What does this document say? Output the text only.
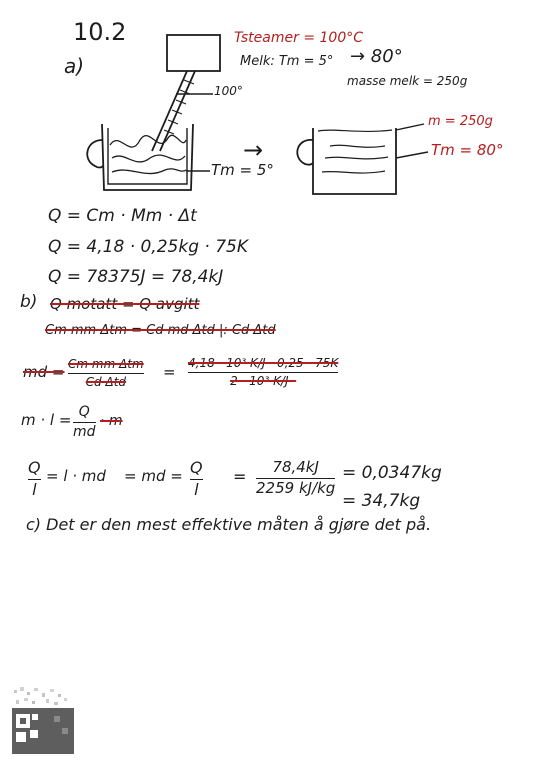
10.2
a)
Tsteamer = 100°C
Melk: Tm = 5° → 80°
masse melk = 250g
100°
Tm = 5°
→
m = 250g
Tm = 80°
Q = Cm · Mm · Δt
Q = 4,18 · 0,25kg · 75K
Q = 78375J = 78,4kJ
b) Q motatt = Q avgitt
Cm mm Δtm = Cd md Δtd |: Cd Δtd
md = Cm mm Δtm
Cd Δtd
= 4,18 · 10³ K/J · 0,25 · 75K
2 · 10³ K/J ·
m · l = Q
md
· m
Q
l
= l · md = md = Q
l
= 78,4kJ
2259 kJ/kg
= 0,0347kg
= 34,7kg
c) Det er den mest effektive måten å gjøre det på.
